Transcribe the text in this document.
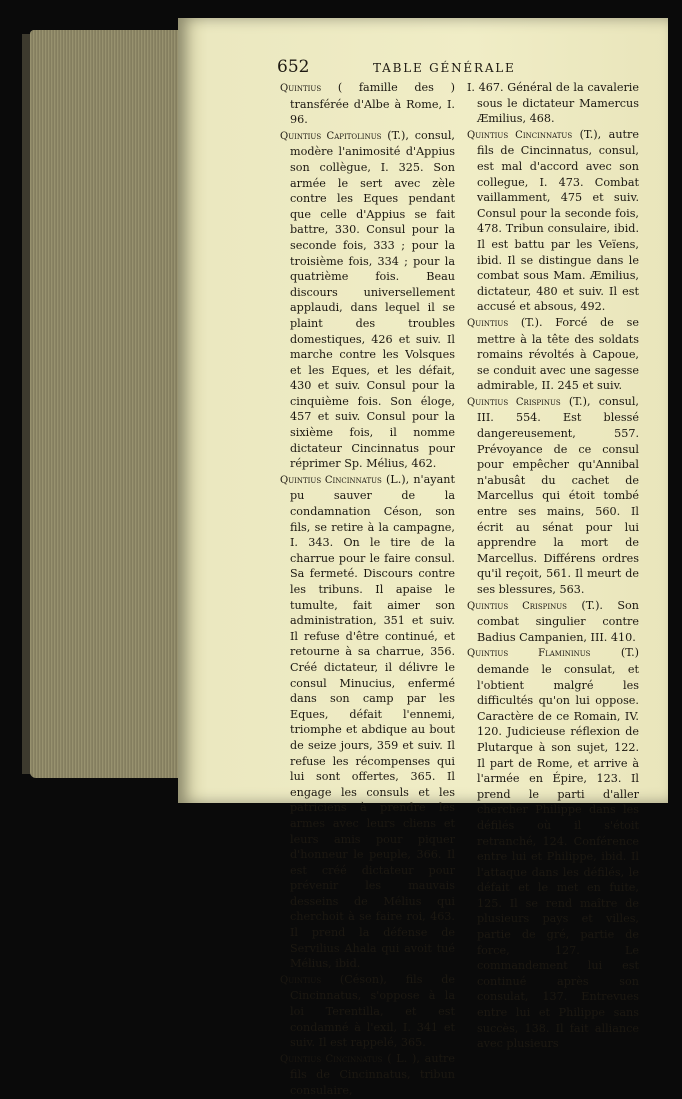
652	TABLE GÉNÉRALE

Quintius ( famille des ) transférée d'Albe à Rome, I. 96.

Quintius Capitolinus (T.), consul, modère l'animosité d'Appius son collègue, I. 325. Son armée le sert avec zèle contre les Eques pendant que celle d'Appius se fait battre, 330. Consul pour la seconde fois, 333 ; pour la troisième fois, 334 ; pour la quatrième fois. Beau discours universellement applaudi, dans lequel il se plaint des troubles domestiques, 426 et suiv. Il marche contre les Volsques et les Eques, et les défait, 430 et suiv. Consul pour la cinquième fois. Son éloge, 457 et suiv. Consul pour la sixième fois, il nomme dictateur Cincinnatus pour réprimer Sp. Mélius, 462.

Quintius Cincinnatus (L.), n'ayant pu sauver de la condamnation Céson, son fils, se retire à la campagne, I. 343. On le tire de la charrue pour le faire consul. Sa fermeté. Discours contre les tribuns. Il apaise le tumulte, fait aimer son administration, 351 et suiv. Il refuse d'être continué, et retourne à sa charrue, 356. Créé dictateur, il délivre le consul Minucius, enfermé dans son camp par les Eques, défait l'ennemi, triomphe et abdique au bout de seize jours, 359 et suiv. Il refuse les récompenses qui lui sont offertes, 365. Il engage les consuls et les patriciens à prendre les armes avec leurs cliens et leurs amis pour piquer d'honneur le peuple, 366. Il est créé dictateur pour prévenir les mauvais desseins de Mélius qui cherchoit à se faire roi, 463. Il prend la défense de Servilius Ahala qui avoit tué Mélius, ibid.

Quintius (Céson), fils de Cincinnatus, s'oppose à la loi Terentilla, et est condamné à l'exil, I. 341 et suiv. Il est rappelé, 365.

Quintius Cincinnatus ( L. ), autre fils de Cincinnatus, tribun consulaire,

I. 467. Général de la cavalerie sous le dictateur Mamercus Æmilius, 468.

Quintius Cincinnatus (T.), autre fils de Cincinnatus, consul, est mal d'accord avec son collegue, I. 473. Combat vaillamment, 475 et suiv. Consul pour la seconde fois, 478. Tribun consulaire, ibid. Il est battu par les Veïens, ibid. Il se distingue dans le combat sous Mam. Æmilius, dictateur, 480 et suiv. Il est accusé et absous, 492.

Quintius (T.). Forcé de se mettre à la tête des soldats romains révoltés à Capoue, se conduit avec une sagesse admirable, II. 245 et suiv.

Quintius Crispinus (T.), consul, III. 554. Est blessé dangereusement, 557. Prévoyance de ce consul pour empêcher qu'Annibal n'abusât du cachet de Marcellus qui étoit tombé entre ses mains, 560. Il écrit au sénat pour lui apprendre la mort de Marcellus. Différens ordres qu'il reçoit, 561. Il meurt de ses blessures, 563.

Quintius Crispinus (T.). Son combat singulier contre Badius Campanien, III. 410.

Quintius Flamininus	(T.) demande le consulat, et l'obtient malgré les difficultés qu'on lui oppose. Caractère de ce Romain, IV. 120. Judicieuse réflexion de Plutarque à son sujet, 122. Il part de Rome, et arrive à l'armée en Épire, 123. Il prend le parti d'aller chercher Philippe dans les défilés où il s'étoit retranché, 124. Conférence entre lui et Philippe, ibid. Il l'attaque dans les défilés, le défait et le met en fuite, 125. Il se rend maître de plusieurs pays et villes, partie de gré, partie de force, 127. Le commandement lui est continué après son consulat, 137. Entrevues entre lui et Philippe sans succès, 138. Il fait alliance avec plusieurs
